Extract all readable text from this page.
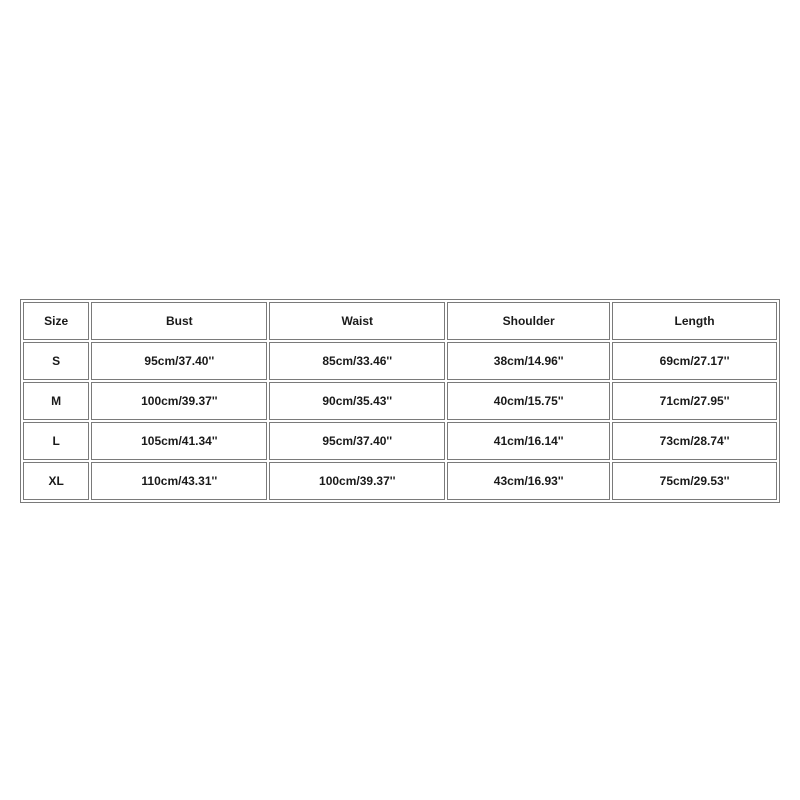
Size	Bust	Waist	Shoulder	Length
S	95cm/37.40''	85cm/33.46''	38cm/14.96''	69cm/27.17''
M	100cm/39.37''	90cm/35.43''	40cm/15.75''	71cm/27.95''
L	105cm/41.34''	95cm/37.40''	41cm/16.14''	73cm/28.74''
XL	110cm/43.31''	100cm/39.37''	43cm/16.93''	75cm/29.53''
